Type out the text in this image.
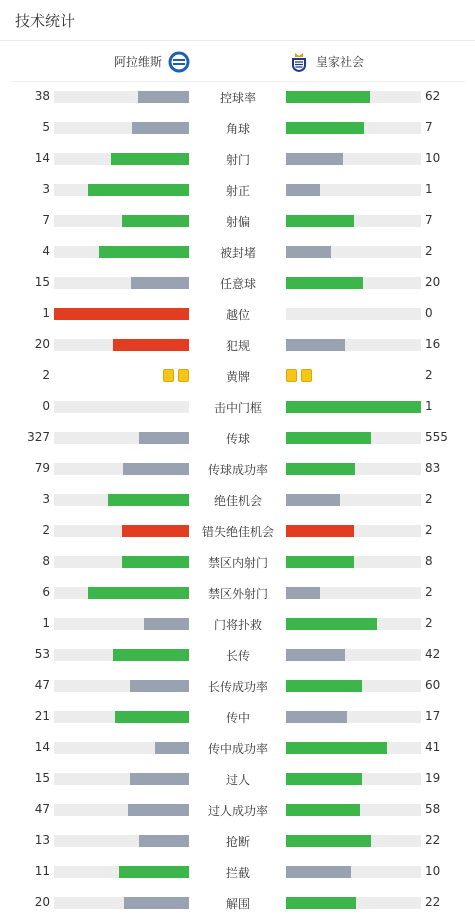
技术统计
阿拉维斯	皇家社会
38	控球率	62
5	角球	7
14	射门	10
3	射正	1
7	射偏	7
4	被封堵	2
15	任意球	20
1	越位	0
20	犯规	16
2	黄牌	2
0	击中门框	1
327	传球	555
79	传球成功率	83
3	绝佳机会	2
2	错失绝佳机会	2
8	禁区内射门	8
6	禁区外射门	2
1	门将扑救	2
53	长传	42
47	长传成功率	60
21	传中	17
14	传中成功率	41
15	过人	19
47	过人成功率	58
13	抢断	22
11	拦截	10
20	解围	22
